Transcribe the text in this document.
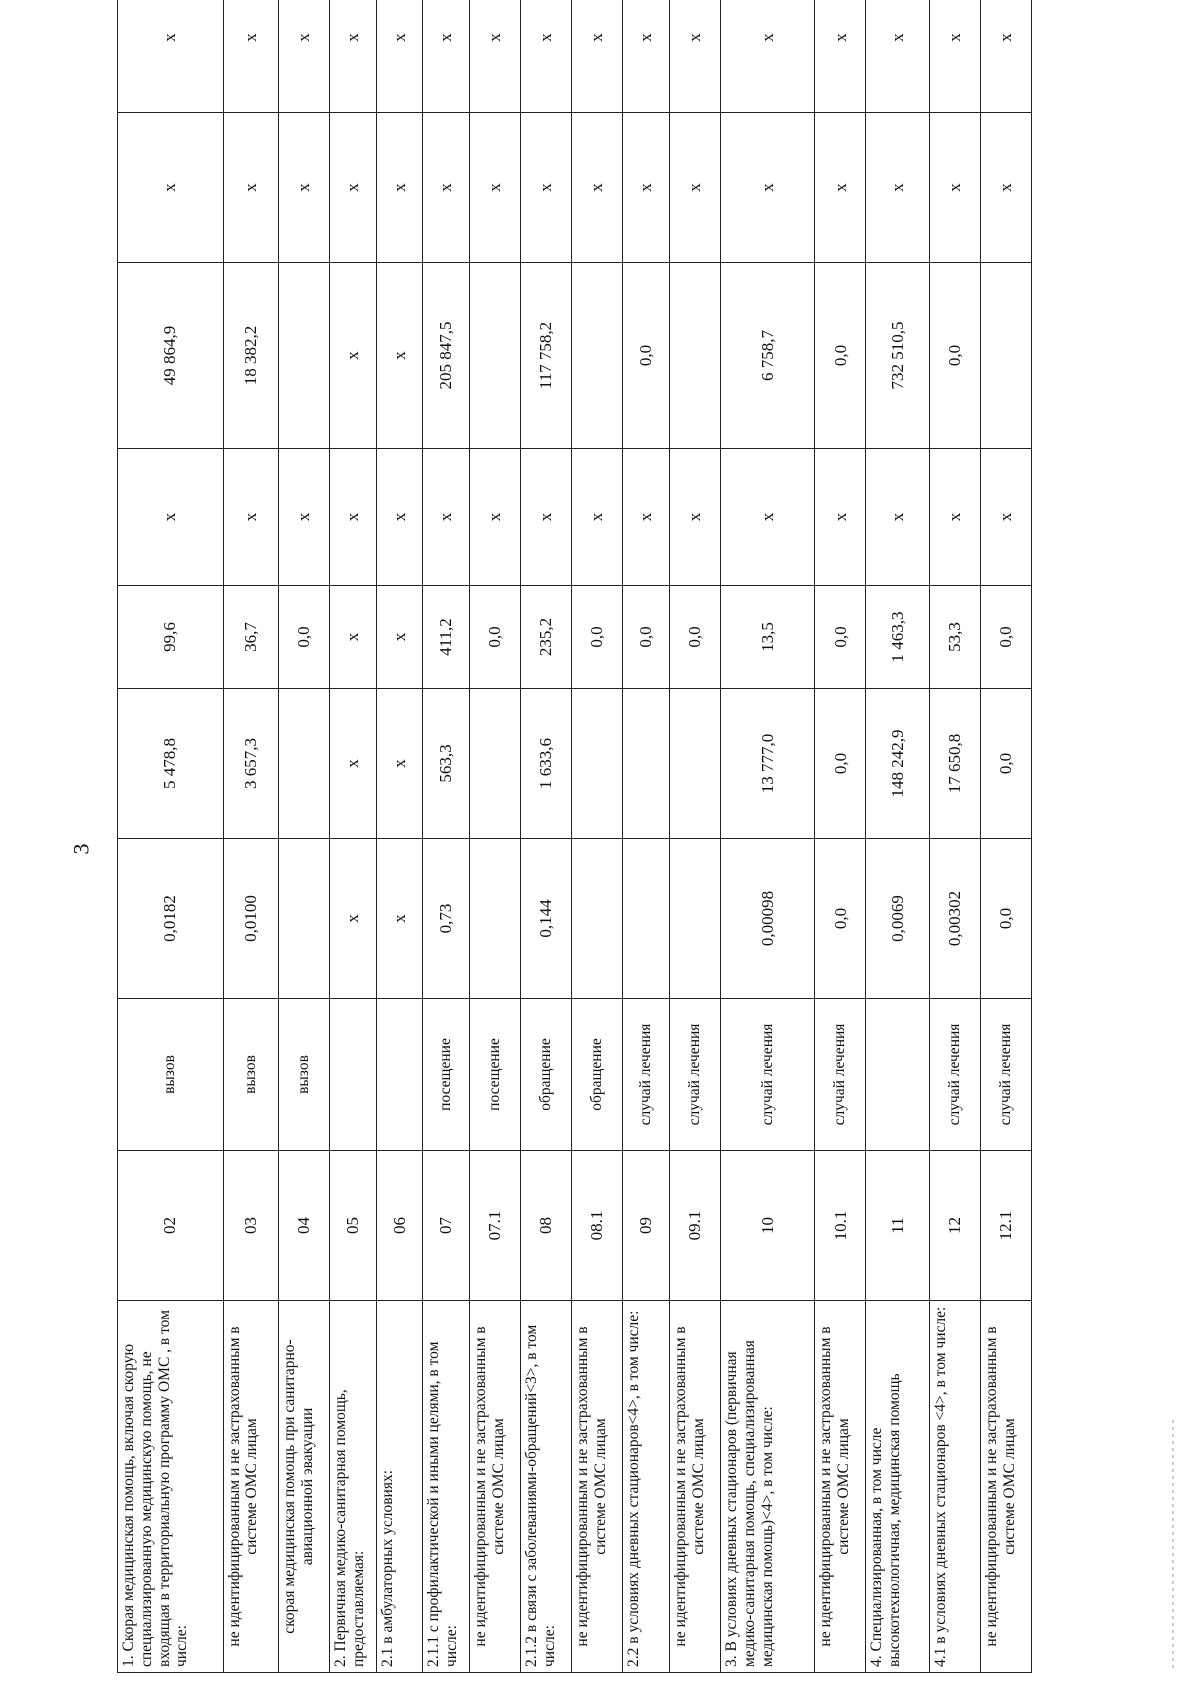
3
1. Скорая медицинская помощь, включая скорую специализированную медицинскую помощь, не входящая в территориальную программу ОМС , в том числе:	02	вызов	0,0182	5 478,8	99,6	х	49 864,9	х	х
не идентифицированным и не застрахованным в системе ОМС лицам	03	вызов	0,0100	3 657,3	36,7	х	18 382,2	х	х
скорая медицинская помощь при санитарно-авиационной эвакуации	04	вызов			0,0	х		х	х
2. Первичная медико-санитарная помощь, предоставляемая:	05		х	х	х	х	х	х	х
2.1 в амбулаторных условиях:	06		х	х	х	х	х	х	х
2.1.1 с профилактической и иными целями, в том числе:	07	посещение	0,73	563,3	411,2	х	205 847,5	х	х
не идентифицированным и не застрахованным в системе ОМС лицам	07.1	посещение			0,0	х		х	х
2.1.2 в связи с заболеваниями-обращений<3>, в том числе:	08	обращение	0,144	1 633,6	235,2	х	117 758,2	х	х
не идентифицированным и не застрахованным в системе ОМС лицам	08.1	обращение			0,0	х		х	х
2.2 в условиях дневных стационаров<4>, в том числе:	09	случай лечения			0,0	х	0,0	х	х
не идентифицированным и не застрахованным в системе ОМС лицам	09.1	случай лечения			0,0	х		х	х
3. В условиях дневных стационаров (первичная медико-санитарная помощь, специализированная медицинская помощь)<4>, в том числе:	10	случай лечения	0,00098	13 777,0	13,5	х	6 758,7	х	х
не идентифицированным и не застрахованным в системе ОМС лицам	10.1	случай лечения	0,0	0,0	0,0	х	0,0	х	х
4. Специализированная, в том числе высокотехнологичная, медицинская помощь	11		0,0069	148 242,9	1 463,3	х	732 510,5	х	х
4.1 в условиях дневных стационаров <4>, в том числе:	12	случай лечения	0,00302	17 650,8	53,3	х	0,0	х	х
не идентифицированным и не застрахованным в системе ОМС лицам	12.1	случай лечения	0,0	0,0	0,0	х		х	х
